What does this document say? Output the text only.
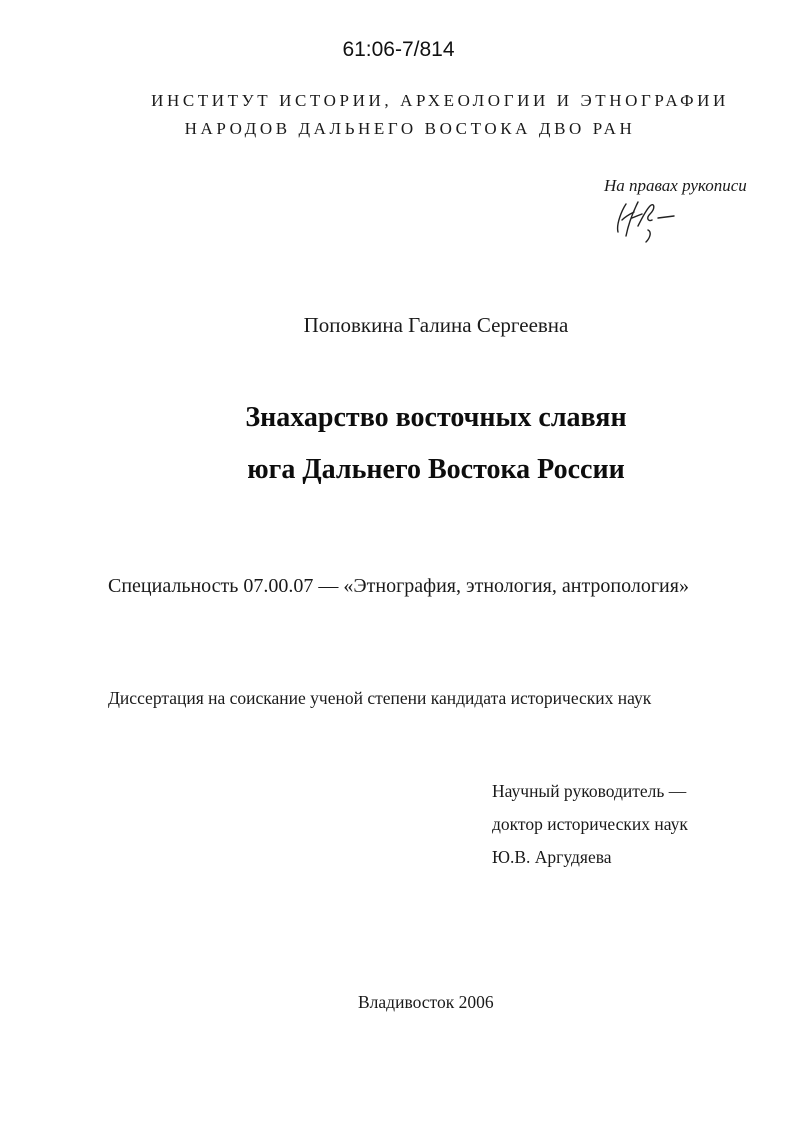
61:06-7/814
ИНСТИТУТ ИСТОРИИ, АРХЕОЛОГИИ И ЭТНОГРАФИИ
НАРОДОВ ДАЛЬНЕГО ВОСТОКА ДВО РАН
На правах рукописи
Поповкина Галина Сергеевна
Знахарство восточных славян
юга Дальнего Востока России
Специальность 07.00.07 — «Этнография, этнология, антропология»
Диссертация на соискание ученой степени кандидата исторических наук
Научный руководитель —
доктор исторических наук
Ю.В. Аргудяева
Владивосток 2006
